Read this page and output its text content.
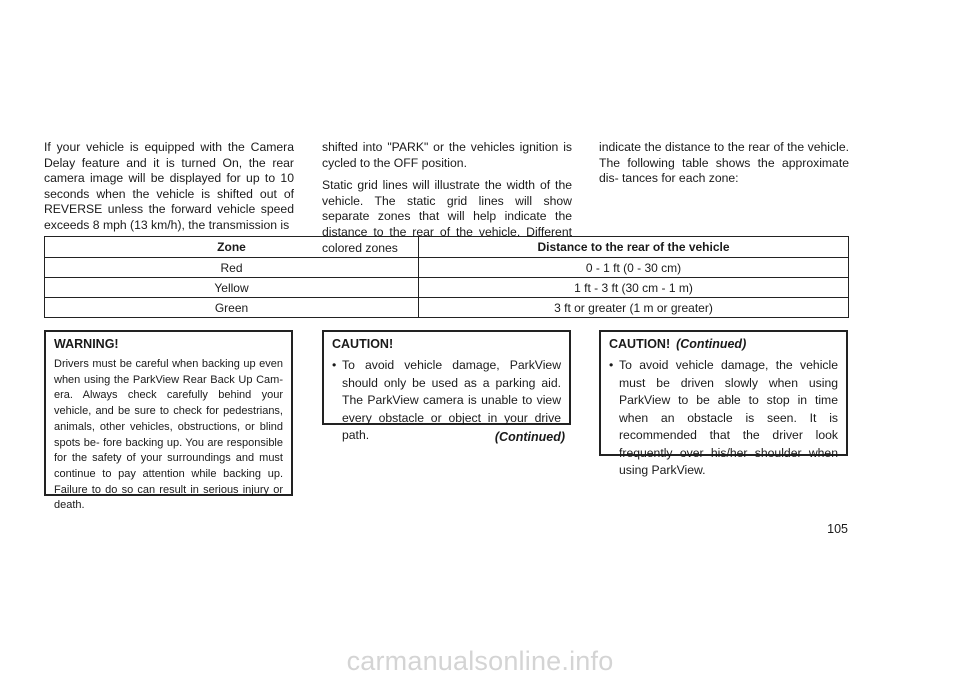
If your vehicle is equipped with the Camera Delay feature and it is turned On, the rear camera image will be displayed for up to 10 seconds when the vehicle is shifted out of REVERSE unless the forward vehicle speed exceeds 8 mph (13 km/h), the transmission is

shifted into "PARK" or the vehicles ignition is cycled to the OFF position.

Static grid lines will illustrate the width of the vehicle. The static grid lines will show separate zones that will help indicate the distance to the rear of the vehicle. Different colored zones

indicate the distance to the rear of the vehicle. The following table shows the approximate dis- tances for each zone:

Zone	Distance to the rear of the vehicle
Red	0 - 1 ft (0 - 30 cm)
Yellow	1 ft - 3 ft (30 cm - 1 m)
Green	3 ft or greater (1 m or greater)
WARNING!
Drivers must be careful when backing up even when using the ParkView Rear Back Up Cam- era. Always check carefully behind your vehicle, and be sure to check for pedestrians, animals, other vehicles, obstructions, or blind spots be- fore backing up. You are responsible for the safety of your surroundings and must continue to pay attention while backing up. Failure to do so can result in serious injury or death.
CAUTION!
• To avoid vehicle damage, ParkView should only be used as a parking aid. The ParkView camera is unable to view every obstacle or object in your drive path.	(Continued)
CAUTION! (Continued)
• To avoid vehicle damage, the vehicle must be driven slowly when using ParkView to be able to stop in time when an obstacle is seen. It is recommended that the driver look frequently over his/her shoulder when using ParkView.
105
carmanualsonline.info
